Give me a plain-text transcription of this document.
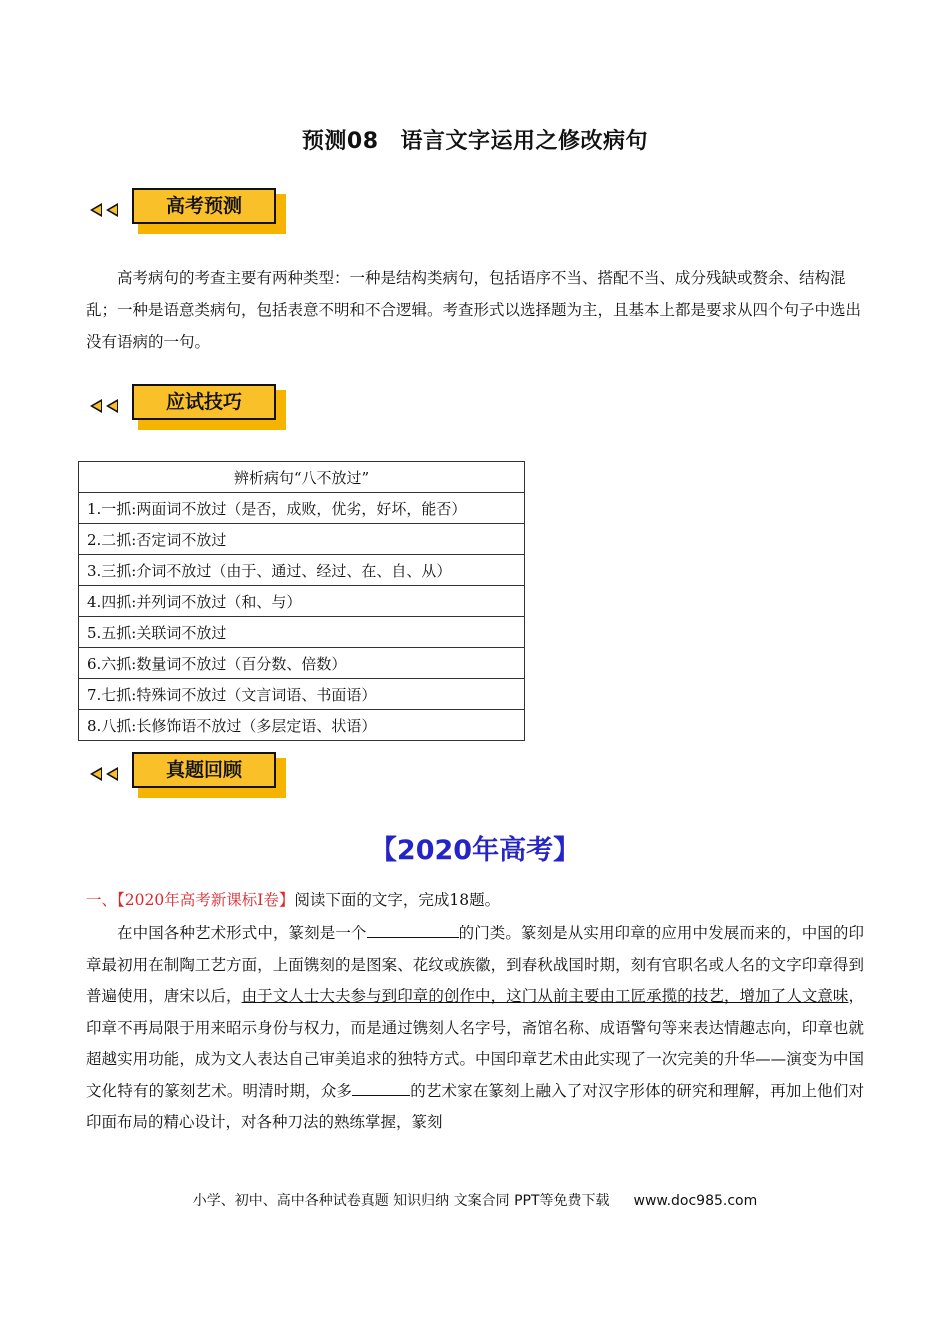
预测08 语言文字运用之修改病句
高考预测
高考病句的考查主要有两种类型：一种是结构类病句，包括语序不当、搭配不当、成分残缺或赘余、结构混乱；一种是语意类病句，包括表意不明和不合逻辑。考查形式以选择题为主，且基本上都是要求从四个句子中选出没有语病的一句。
应试技巧
辨析病句“八不放过”
1.一抓:两面词不放过（是否，成败，优劣，好坏，能否）
2.二抓:否定词不放过
3.三抓:介词不放过（由于、通过、经过、在、自、从）
4.四抓:并列词不放过（和、与）
5.五抓:关联词不放过
6.六抓:数量词不放过（百分数、倍数）
7.七抓:特殊词不放过（文言词语、书面语）
8.八抓:长修饰语不放过（多层定语、状语）
真题回顾
【2020年高考】
一、【2020年高考新课标Ⅰ卷】阅读下面的文字，完成18题。
在中国各种艺术形式中，篆刻是一个	的门类。篆刻是从实用印章的应用中发展而来的，中国的印章最初用在制陶工艺方面，上面镌刻的是图案、花纹或族徽，到春秋战国时期，刻有官职名或人名的文字印章得到普遍使用，唐宋以后，由于文人士大夫参与到印章的创作中，这门从前主要由工匠承揽的技艺，增加了人文意味，印章不再局限于用来昭示身份与权力，而是通过镌刻人名字号，斋馆名称、成语警句等来表达情趣志向，印章也就超越实用功能，成为文人表达自己审美追求的独特方式。中国印章艺术由此实现了一次完美的升华——演变为中国文化特有的篆刻艺术。明清时期，众多	的艺术家在篆刻上融入了对汉字形体的研究和理解，再加上他们对印面布局的精心设计，对各种刀法的熟练掌握，篆刻
小学、初中、高中各种试卷真题 知识归纳 文案合同 PPT等免费下载 www.doc985.com
